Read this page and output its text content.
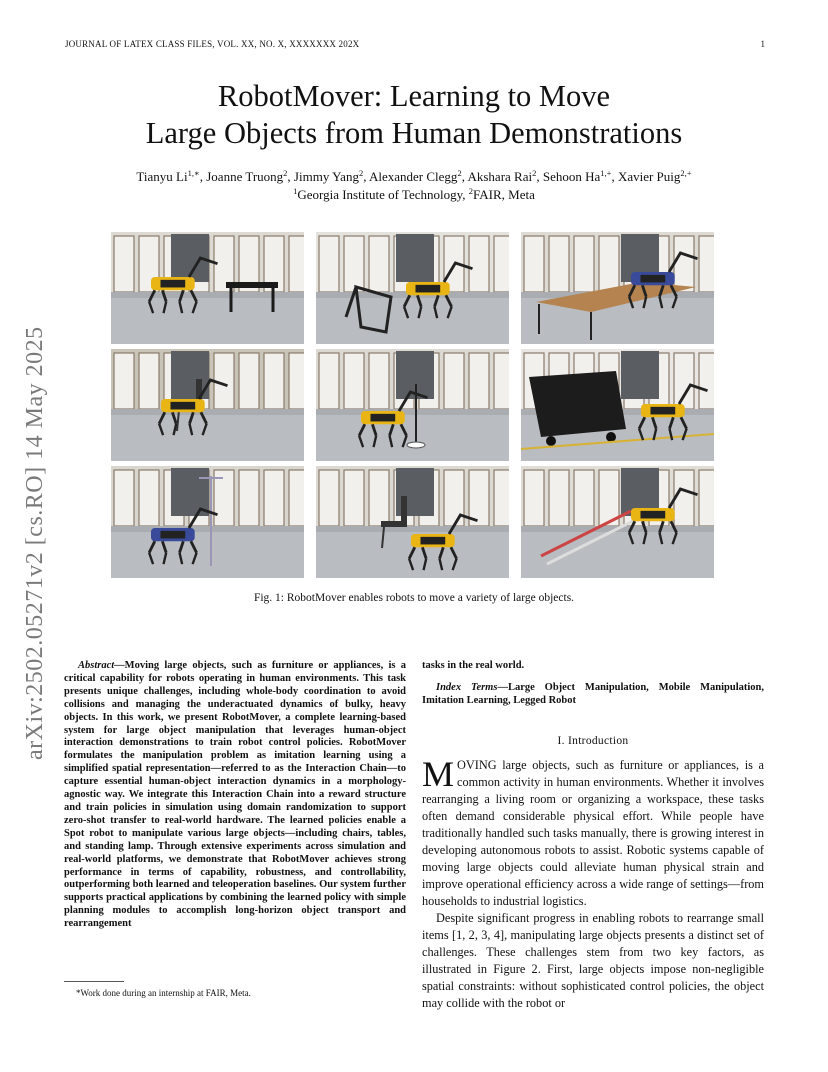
JOURNAL OF LATEX CLASS FILES, VOL. XX, NO. X, XXXXXXX 202X	1
RobotMover: Learning to Move
Large Objects from Human Demonstrations
Tianyu $Li^{1,∗}$, Joanne Truong$^2$, Jimmy Yang$^2$, Alexander Clegg$^2$, Akshara Rai$^2$, Sehoon $Ha^{1,+}$, Xavier Puig$^{2,+}$
$^1$Georgia Institute of Technology, $^2$FAIR, Meta
arXiv:2502.05271v2 [cs.RO] 14 May 2025	Fig. 1: RobotMover enables robots to move a variety of large objects.

Abstract—Moving large objects, such as furniture or appliances, is a critical capability for robots operating in human environments. This task presents unique challenges, including whole-body coordination to avoid collisions and managing the underactuated dynamics of bulky, heavy objects. In this work, we present RobotMover, a complete learning-based system for large object manipulation that leverages human-object interaction demonstrations to train robot control policies. RobotMover formulates the manipulation problem as imitation learning using a simplified spatial representation—referred to as the Interaction Chain—to capture essential human-object interaction dynamics in a morphology-agnostic way. We integrate this Interaction Chain into a reward structure and train policies in simulation using domain randomization to support zero-shot transfer to real-world hardware. The learned policies enable a Spot robot to manipulate various large objects—including chairs, tables, and standing lamp. Through extensive experiments across simulation and real-world platforms, we demonstrate that RobotMover achieves strong performance in terms of capability, robustness, and controllability, outperforming both learned and teleoperation baselines. Our system further supports practical applications by combining the learned policy with simple planning modules to accomplish long-horizon object transport and rearrangement

tasks in the real world.

Index Terms—Large Object Manipulation, Mobile Manipulation, Imitation Learning, Legged Robot

I. Introduction

MOVING large objects, such as furniture or appliances, is a common activity in human environments. Whether it involves rearranging a living room or organizing a workspace, these tasks often demand considerable physical effort. While people have traditionally handled such tasks manually, there is growing interest in developing autonomous robots to assist. Robotic systems capable of moving large objects could alleviate human physical strain and improve operational efficiency across a wide range of settings—from households to industrial logistics.

Despite significant progress in enabling robots to rearrange small items [1, 2, 3, 4], manipulating large objects presents a distinct set of challenges. These challenges stem from two key factors, as illustrated in Figure 2. First, large objects impose non-negligible spatial constraints: without sophisticated control policies, the object may collide with the robot or

*Work done during an internship at FAIR, Meta.
